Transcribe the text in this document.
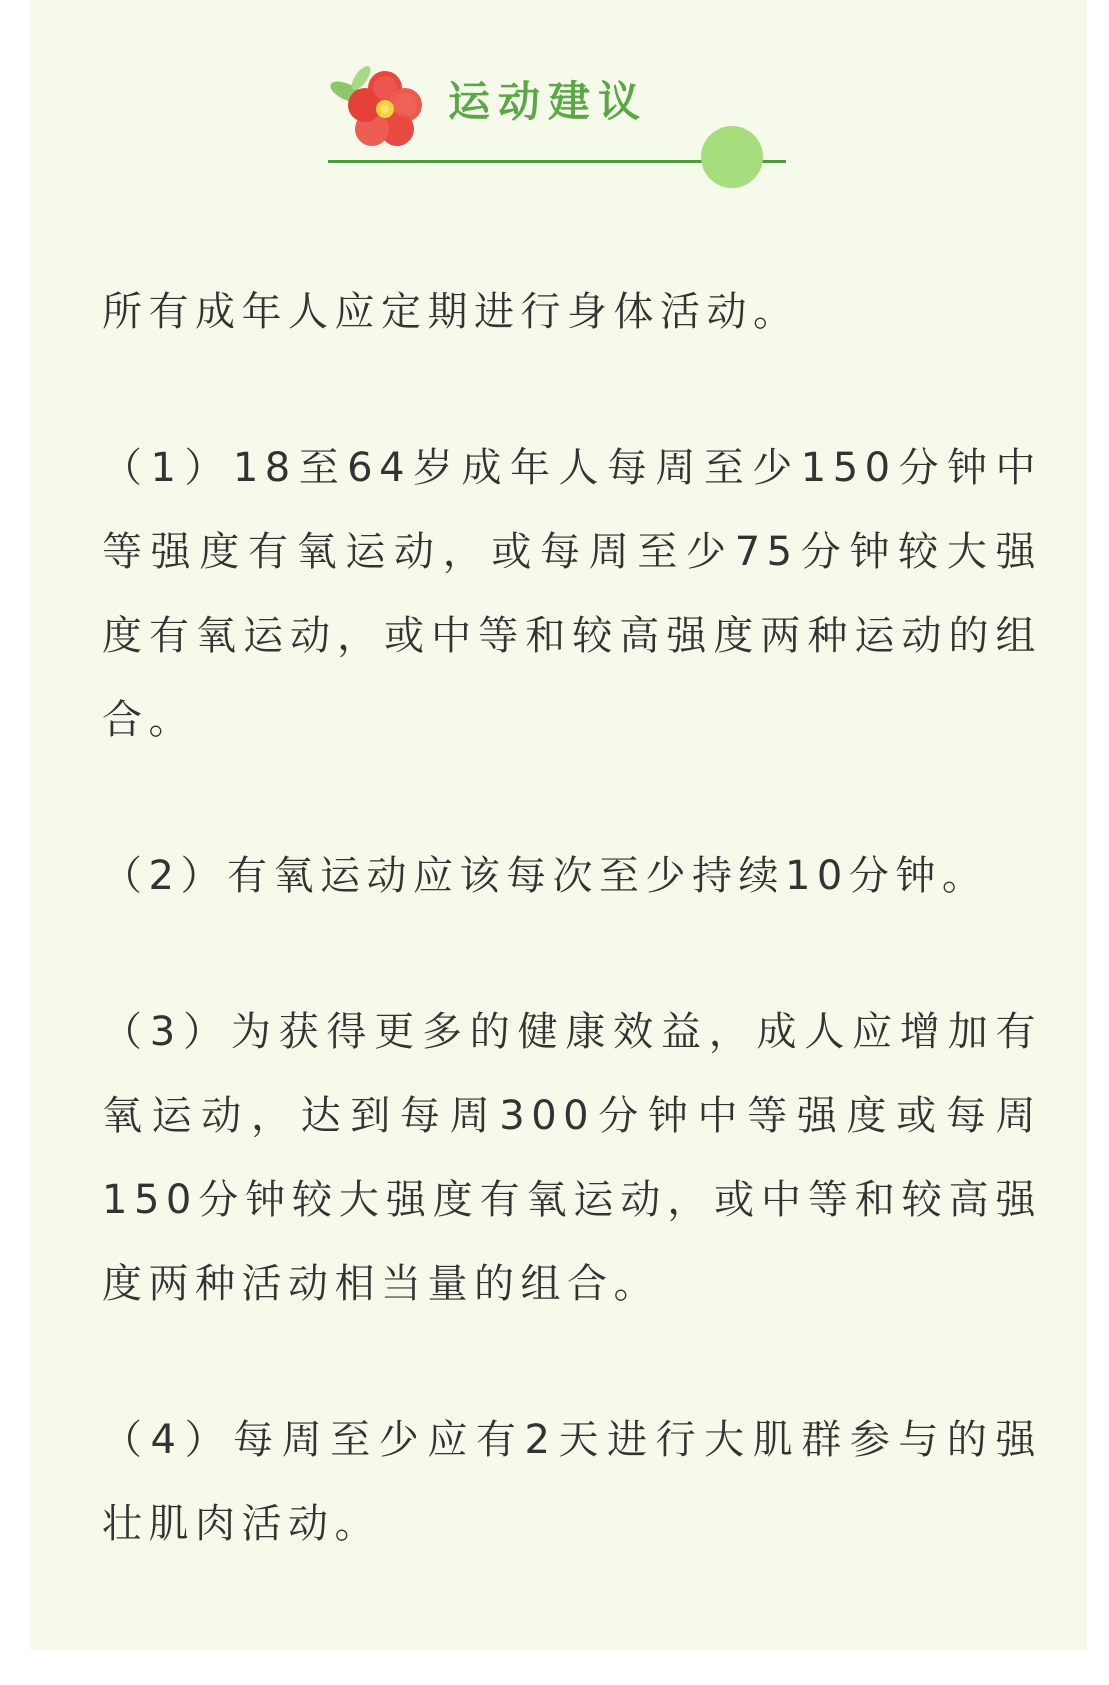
运动建议

所有成年人应定期进行身体活动。

（1）18至64岁成年人每周至少150分钟中等强度有氧运动，或每周至少75分钟较大强度有氧运动，或中等和较高强度两种运动的组合。

（2）有氧运动应该每次至少持续10分钟。

（3）为获得更多的健康效益，成人应增加有氧运动，达到每周300分钟中等强度或每周150分钟较大强度有氧运动，或中等和较高强度两种活动相当量的组合。

（4）每周至少应有2天进行大肌群参与的强壮肌肉活动。
